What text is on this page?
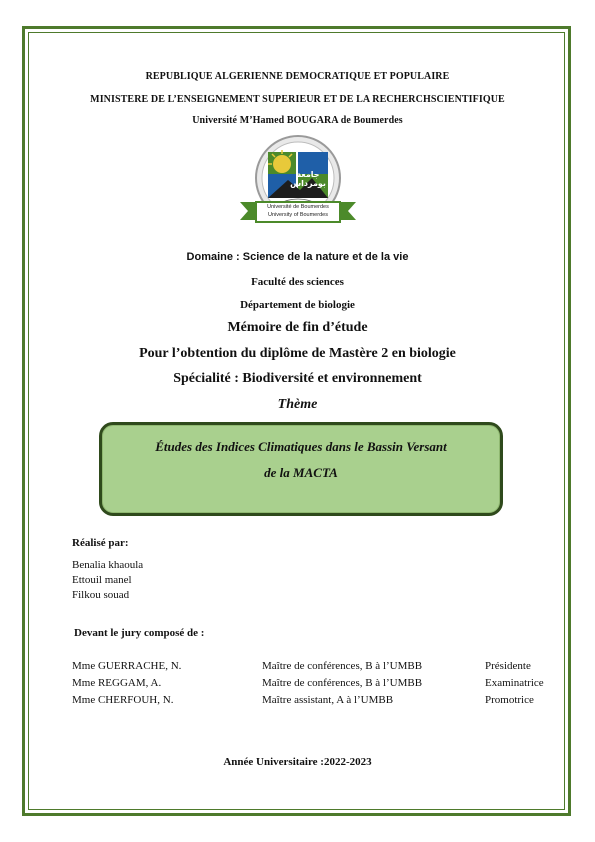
REPUBLIQUE ALGERIENNE DEMOCRATIQUE ET POPULAIRE
MINISTERE DE L’ENSEIGNEMENT SUPERIEUR ET DE LA RECHERCHSCIENTIFIQUE
Université M’Hamed BOUGARA de Boumerdes
جامعة بومرداس
Université de Boumerdes
University of Boumerdes
Domaine : Science de la nature et de la vie
Faculté des sciences
Département de biologie
Mémoire de fin d’étude
Pour l’obtention du diplôme de Mastère 2 en biologie
Spécialité : Biodiversité et environnement
Thème
Études des Indices Climatiques dans le Bassin Versant
de la MACTA
Réalisé par:
Benalia khaoula
Ettouil manel
Filkou souad
Devant le jury composé de :
Mme GUERRACHE, N.	Maître de conférences, B à l’UMBB	Présidente
Mme REGGAM, A.	Maître de conférences, B à l’UMBB	Examinatrice
Mme CHERFOUH, N.	Maître assistant, A à l’UMBB	Promotrice
Année Universitaire :2022-2023
